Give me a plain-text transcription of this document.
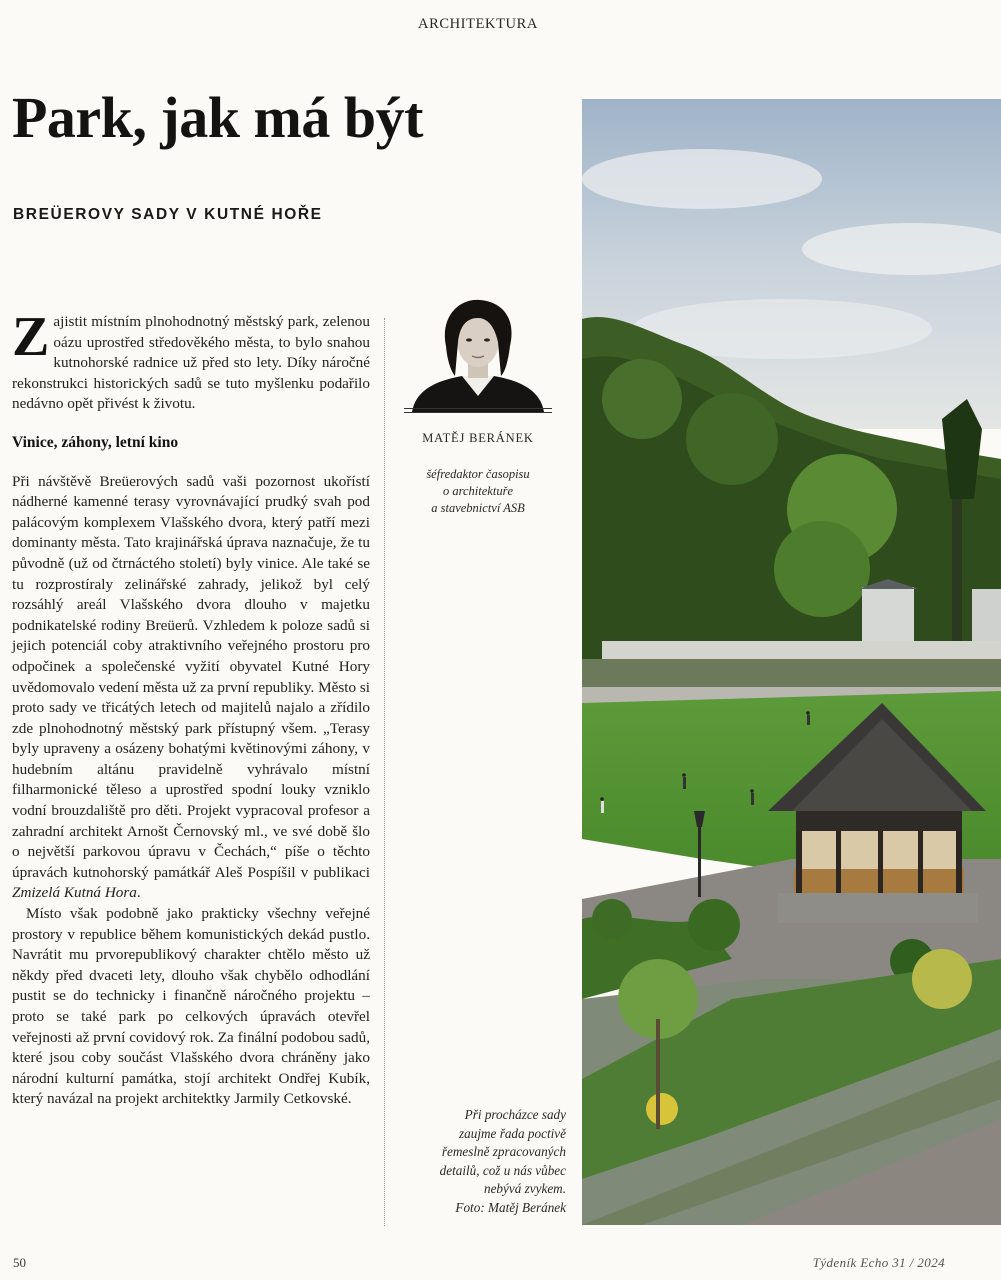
ARCHITEKTURA
Park, jak má být
BREÜEROVY SADY V KUTNÉ HOŘE

Zajistit místním plnohodnotný městský park, zelenou oázu uprostřed středověkého města, to bylo snahou kutnohorské radnice už před sto lety. Díky náročné rekonstrukci historických sadů se tuto myšlenku podařilo nedávno opět přivést k životu.

Vinice, záhony, letní kino

Při návštěvě Breüerových sadů vaši pozornost ukořístí nádherné kamenné terasy vyrovnávající prudký svah pod palácovým komplexem Vlašského dvora, který patří mezi dominanty města. Tato krajinářská úprava naznačuje, že tu původně (už od čtrnáctého století) byly vinice. Ale také se tu rozprostíraly zelinářské zahrady, jelikož byl celý rozsáhlý areál Vlašského dvora dlouho v majetku podnikatelské rodiny Breüerů. Vzhledem k poloze sadů si jejich potenciál coby atraktivního veřejného prostoru pro odpočinek a společenské vyžití obyvatel Kutné Hory uvědomovalo vedení města už za první republiky. Město si proto sady ve třicátých letech od majitelů najalo a zřídilo zde plnohodnotný městský park přístupný všem. „Terasy byly upraveny a osázeny bohatými květinovými záhony, v hudebním altánu pravidelně vyhrávalo místní filharmonické těleso a uprostřed spodní louky vzniklo vodní brouzdaliště pro děti. Projekt vypracoval profesor a zahradní architekt Arnošt Černovský ml., ve své době šlo o největší parkovou úpravu v Čechách,“ píše o těchto úpravách kutnohorský památkář Aleš Pospíšil v publikaci Zmizelá Kutná Hora.

Místo však podobně jako prakticky všechny veřejné prostory v republice během komunistických dekád pustlo. Navrátit mu prvorepublikový charakter chtělo město už někdy před dvaceti lety, dlouho však chybělo odhodlání pustit se do technicky i finančně náročného projektu – proto se také park po celkových úpravách otevřel veřejnosti až první covidový rok. Za finální podobou sadů, které jsou coby součást Vlašského dvora chráněny jako národní kulturní památka, stojí architekt Ondřej Kubík, který navázal na projekt architektky Jarmily Cetkovské.

MATĚJ BERÁNEK
šéfredaktor časopisu
o architektuře
a stavebnictví ASB
Při procházce sady
zaujme řada poctivě
řemeslně zpracovaných
detailů, což u nás vůbec
nebývá zvykem.
Foto: Matěj Beránek
50	Týdeník Echo 31 / 2024
